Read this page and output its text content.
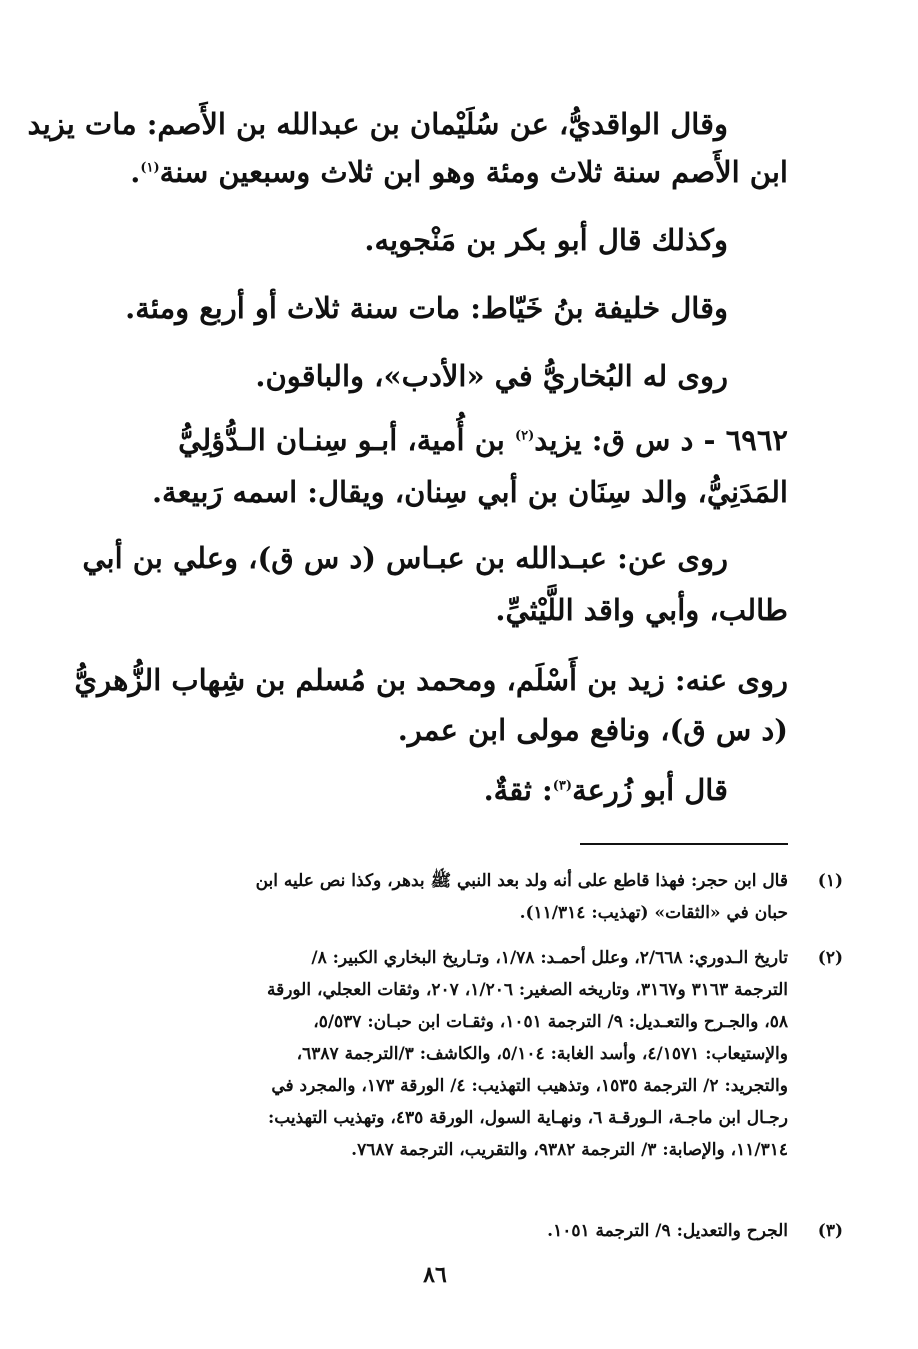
وقال الواقديُّ، عن سُلَيْمان بن عبدالله بن الأَصم: مات يزيد
ابن الأَصم سنة ثلاث ومئة وهو ابن ثلاث وسبعين سنة$^{(١)}$.
وكذلك قال أبو بكر بن مَنْجويه.
وقال خليفة بنُ خَيّاط: مات سنة ثلاث أو أربع ومئة.
روى له البُخاريُّ في «الأدب»، والباقون.
٦٩٦٢ - د س ق: يزيد$^{(٢)}$ بن أُمية، أبـو سِنـان الـدُّؤلِيُّ
المَدَنِيُّ، والد سِنَان بن أبي سِنان، ويقال: اسمه رَبيعة.
روى عن: عبـدالله بن عبـاس (د س ق)، وعلي بن أبي
طالب، وأبي واقد اللَّيْثيِّ.
روى عنه: زيد بن أَسْلَم، ومحمد بن مُسلم بن شِهاب الزُّهريُّ
(د س ق)، ونافع مولى ابن عمر.
قال أبو زُرعة$^{(٣)}$: ثقةٌ.
(١)
قال ابن حجر: فهذا قاطع على أنه ولد بعد النبي ﷺ بدهر، وكذا نص عليه ابن
حبان في «الثقات» (تهذيب: ١١/٣١٤).
(٢)
تاريخ الـدوري: ٢/٦٦٨، وعلل أحمـد: ١/٧٨، وتـاريخ البخاري الكبير: ٨/
الترجمة ٣١٦٣ و٣١٦٧، وتاريخه الصغير: ١/٢٠٦، ٢٠٧، وثقات العجلي، الورقة
٥٨، والجـرح والتعـديل: ٩/ الترجمة ١٠٥١، وثقـات ابن حبـان: ٥/٥٣٧،
والإستيعاب: ٤/١٥٧١، وأسد الغابة: ٥/١٠٤، والكاشف: ٣/الترجمة ٦٣٨٧،
والتجريد: ٢/ الترجمة ١٥٣٥، وتذهيب التهذيب: ٤/ الورقة ١٧٣، والمجرد في
رجـال ابن ماجـة، الـورقـة ٦، ونهـاية السول، الورقة ٤٣٥، وتهذيب التهذيب:
١١/٣١٤، والإصابة: ٣/ الترجمة ٩٣٨٢، والتقريب، الترجمة ٧٦٨٧.
(٣)
الجرح والتعديل: ٩/ الترجمة ١٠٥١.
٨٦
